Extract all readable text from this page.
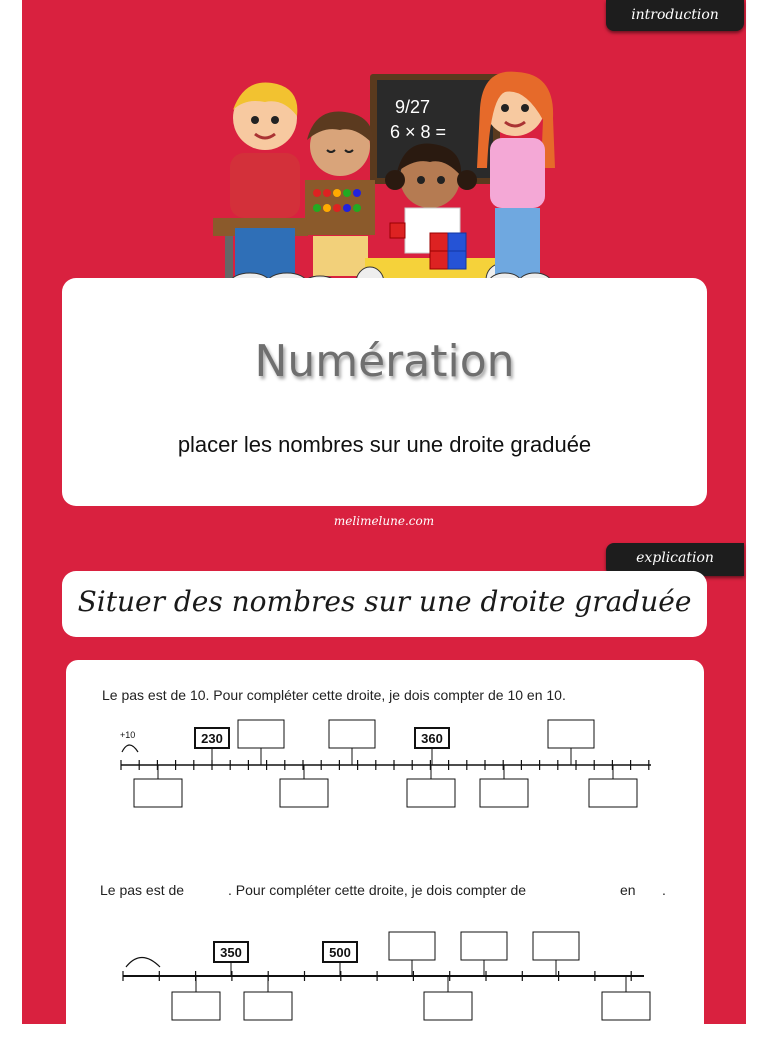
introduction
9/27
6 × 8 =
Numération
placer les nombres sur une droite graduée
melimelune.com
explication
Situer des nombres sur une droite graduée
Le pas est de 10. Pour compléter cette droite, je dois compter de 10 en 10.
+10	230	360
Le pas est de	. Pour compléter cette droite, je dois compter de	en .
350	500
